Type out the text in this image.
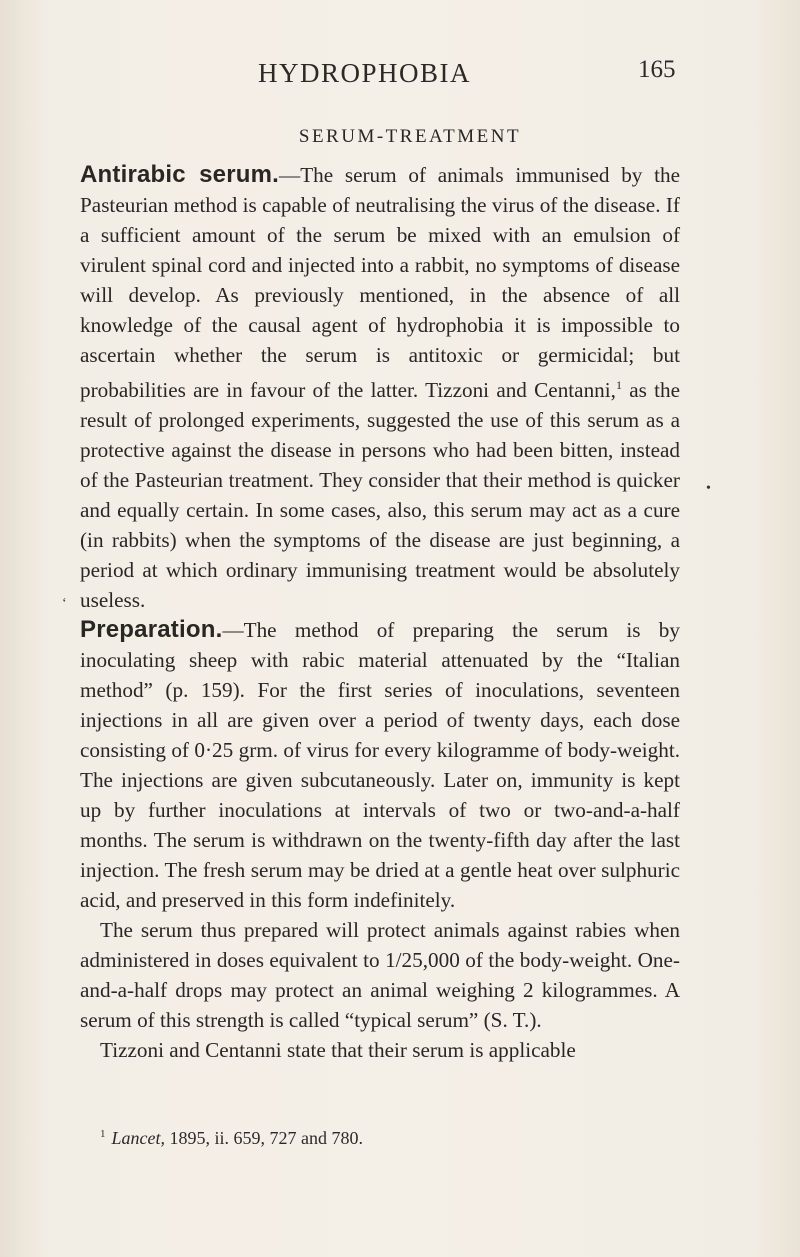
HYDROPHOBIA	165
SERUM-TREATMENT

Antirabic serum.—The serum of animals immunised by the Pasteurian method is capable of neutralising the virus of the disease. If a sufficient amount of the serum be mixed with an emulsion of virulent spinal cord and injected into a rabbit, no symptoms of disease will develop. As previously mentioned, in the absence of all knowledge of the causal agent of hydrophobia it is impossible to ascertain whether the serum is antitoxic or germicidal; but probabilities are in favour of the latter. Tizzoni and Centanni,$^1$ as the result of prolonged experiments, suggested the use of this serum as a protective against the disease in persons who had been bitten, instead of the Pasteurian treatment. They consider that their method is quicker and equally certain. In some cases, also, this serum may act as a cure (in rabbits) when the symptoms of the disease are just beginning, a period at which ordinary immunising treatment would be absolutely useless.

Preparation.—The method of preparing the serum is by inoculating sheep with rabic material attenuated by the “Italian method” (p. 159). For the first series of inoculations, seventeen injections in all are given over a period of twenty days, each dose consisting of 0·25 grm. of virus for every kilogramme of body-weight. The injections are given subcutaneously. Later on, immunity is kept up by further inoculations at intervals of two or two-and-a-half months. The serum is withdrawn on the twenty-fifth day after the last injection. The fresh serum may be dried at a gentle heat over sulphuric acid, and preserved in this form indefinitely.

The serum thus prepared will protect animals against rabies when administered in doses equivalent to 1/25,000 of the body-weight. One-and-a-half drops may protect an animal weighing 2 kilogrammes. A serum of this strength is called “typical serum” (S. T.).

Tizzoni and Centanni state that their serum is applicable

$^1$ Lancet, 1895, ii. 659, 727 and 780.
•
‘
